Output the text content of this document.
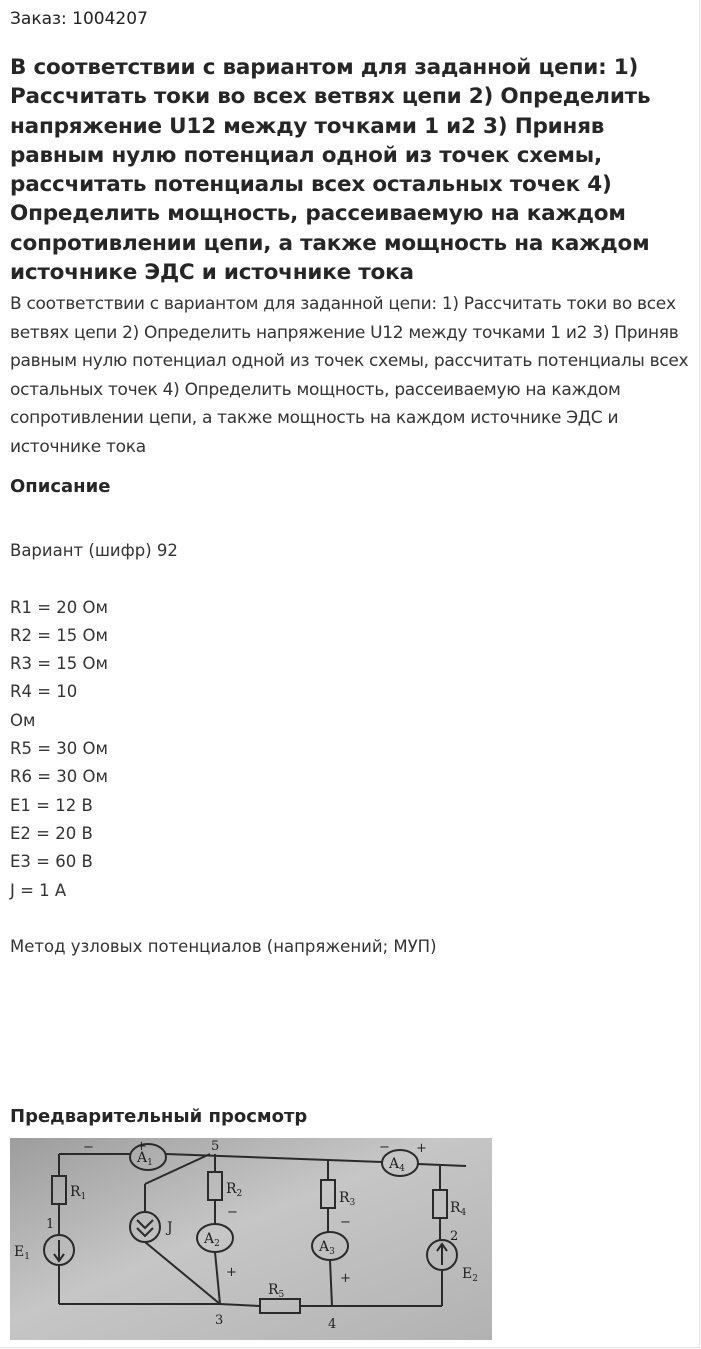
Заказ: 1004207
В соответствии с вариантом для заданной цепи: 1) Рассчитать токи во всех ветвях цепи 2) Определить напряжение U12 между точками 1 и2 3) Приняв равным нулю потенциал одной из точек схемы, рассчитать потенциалы всех остальных точек 4) Определить мощность, рассеиваемую на каждом сопротивлении цепи, а также мощность на каждом источнике ЭДС и источнике тока
В соответствии с вариантом для заданной цепи: 1) Рассчитать токи во всех ветвях цепи 2) Определить напряжение U12 между точками 1 и2 3) Приняв равным нулю потенциал одной из точек схемы, рассчитать потенциалы всех остальных точек 4) Определить мощность, рассеиваемую на каждом сопротивлении цепи, а также мощность на каждом источнике ЭДС и источнике тока
Описание
Вариант (шифр) 92
R1 = 20 Ом
R2 = 15 Ом
R3 = 15 Ом
R4 = 10
Ом
R5 = 30 Ом
R6 = 30 Ом
E1 = 12 В
E2 = 20 В
E3 = 60 В
J = 1 А
Метод узловых потенциалов (напряжений; МУП)
Предварительный просмотр
$A_1$
$A_2$	$A_3$
$A_4$
$R_1$	$R_2$	$R_3$	$R_4$
$R_5$
$E_1$
$E_2$
J
1
2
3	4
5
−	+
−
+
−
+
− +
